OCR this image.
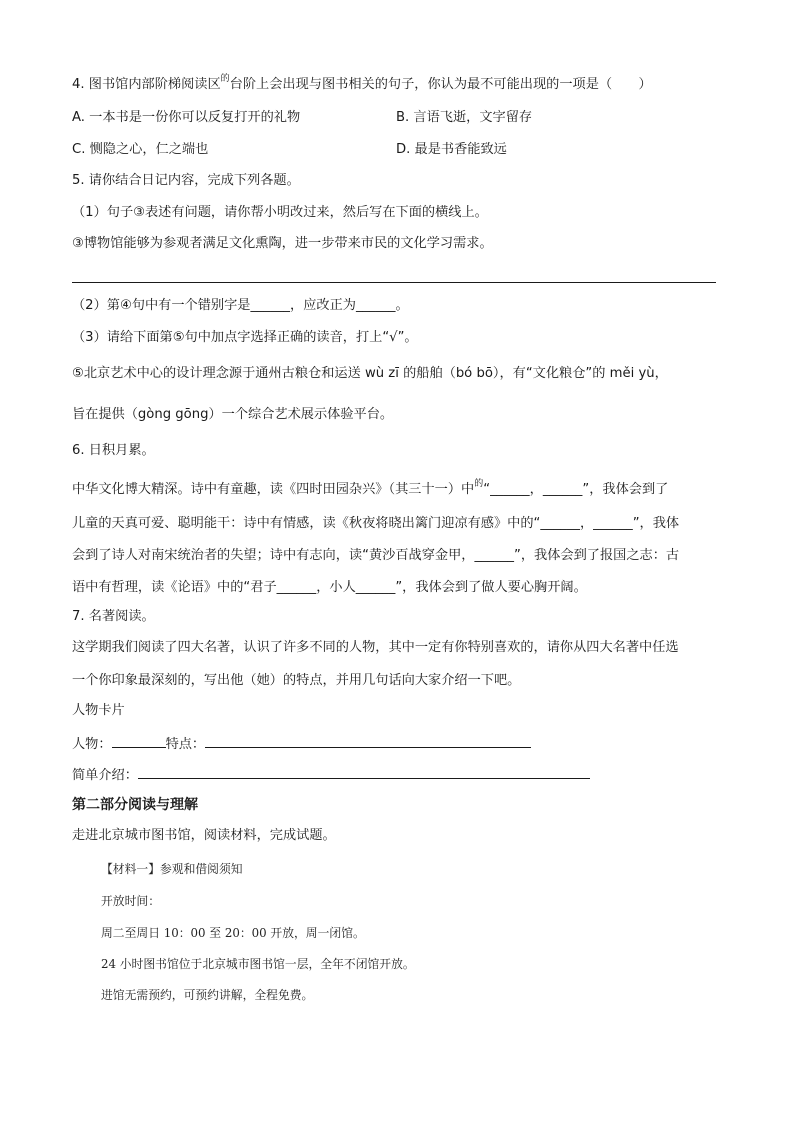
4. 图书馆内部阶梯阅读区$^的$台阶上会出现与图书相关的句子，你认为最不可能出现的一项是（　　）
A. 一本书是一份你可以反复打开的礼物	B. 言语飞逝，文字留存
C. 恻隐之心，仁之端也	D. 最是书香能致远
5. 请你结合日记内容，完成下列各题。
（1）句子③表述有问题，请你帮小明改过来，然后写在下面的横线上。
③博物馆能够为参观者满足文化熏陶，进一步带来市民的文化学习需求。
（2）第④句中有一个错别字是______，应改正为______。
（3）请给下面第⑤句中加点字选择正确的读音，打上“√”。
⑤北京艺术中心的设计理念源于通州古粮仓和运送 wù zī 的船舶（bó bō），有“文化粮仓”的 měi yù，
旨在提供（gòng gōng）一个综合艺术展示体验平台。
6. 日积月累。
中华文化博大精深。诗中有童趣，读《四时田园杂兴》（其三十一）中$^的$“______，______”，我体会到了
儿童的天真可爱、聪明能干：诗中有情感，读《秋夜将晓出篱门迎凉有感》中的“______，______”，我体
会到了诗人对南宋统治者的失望；诗中有志向，读“黄沙百战穿金甲，______”，我体会到了报国之志：古
语中有哲理，读《论语》中的“君子______，小人______”，我体会到了做人要心胸开阔。
7. 名著阅读。
这学期我们阅读了四大名著，认识了许多不同的人物，其中一定有你特别喜欢的，请你从四大名著中任选
一个你印象最深刻的，写出他（她）的特点，并用几句话向大家介绍一下吧。
人物卡片
人物：	特点：
简单介绍：
第二部分阅读与理解
走进北京城市图书馆，阅读材料，完成试题。
【材料一】参观和借阅须知
开放时间：
周二至周日 10：00 至 20：00 开放，周一闭馆。
24 小时图书馆位于北京城市图书馆一层，全年不闭馆开放。
进馆无需预约，可预约讲解，全程免费。
